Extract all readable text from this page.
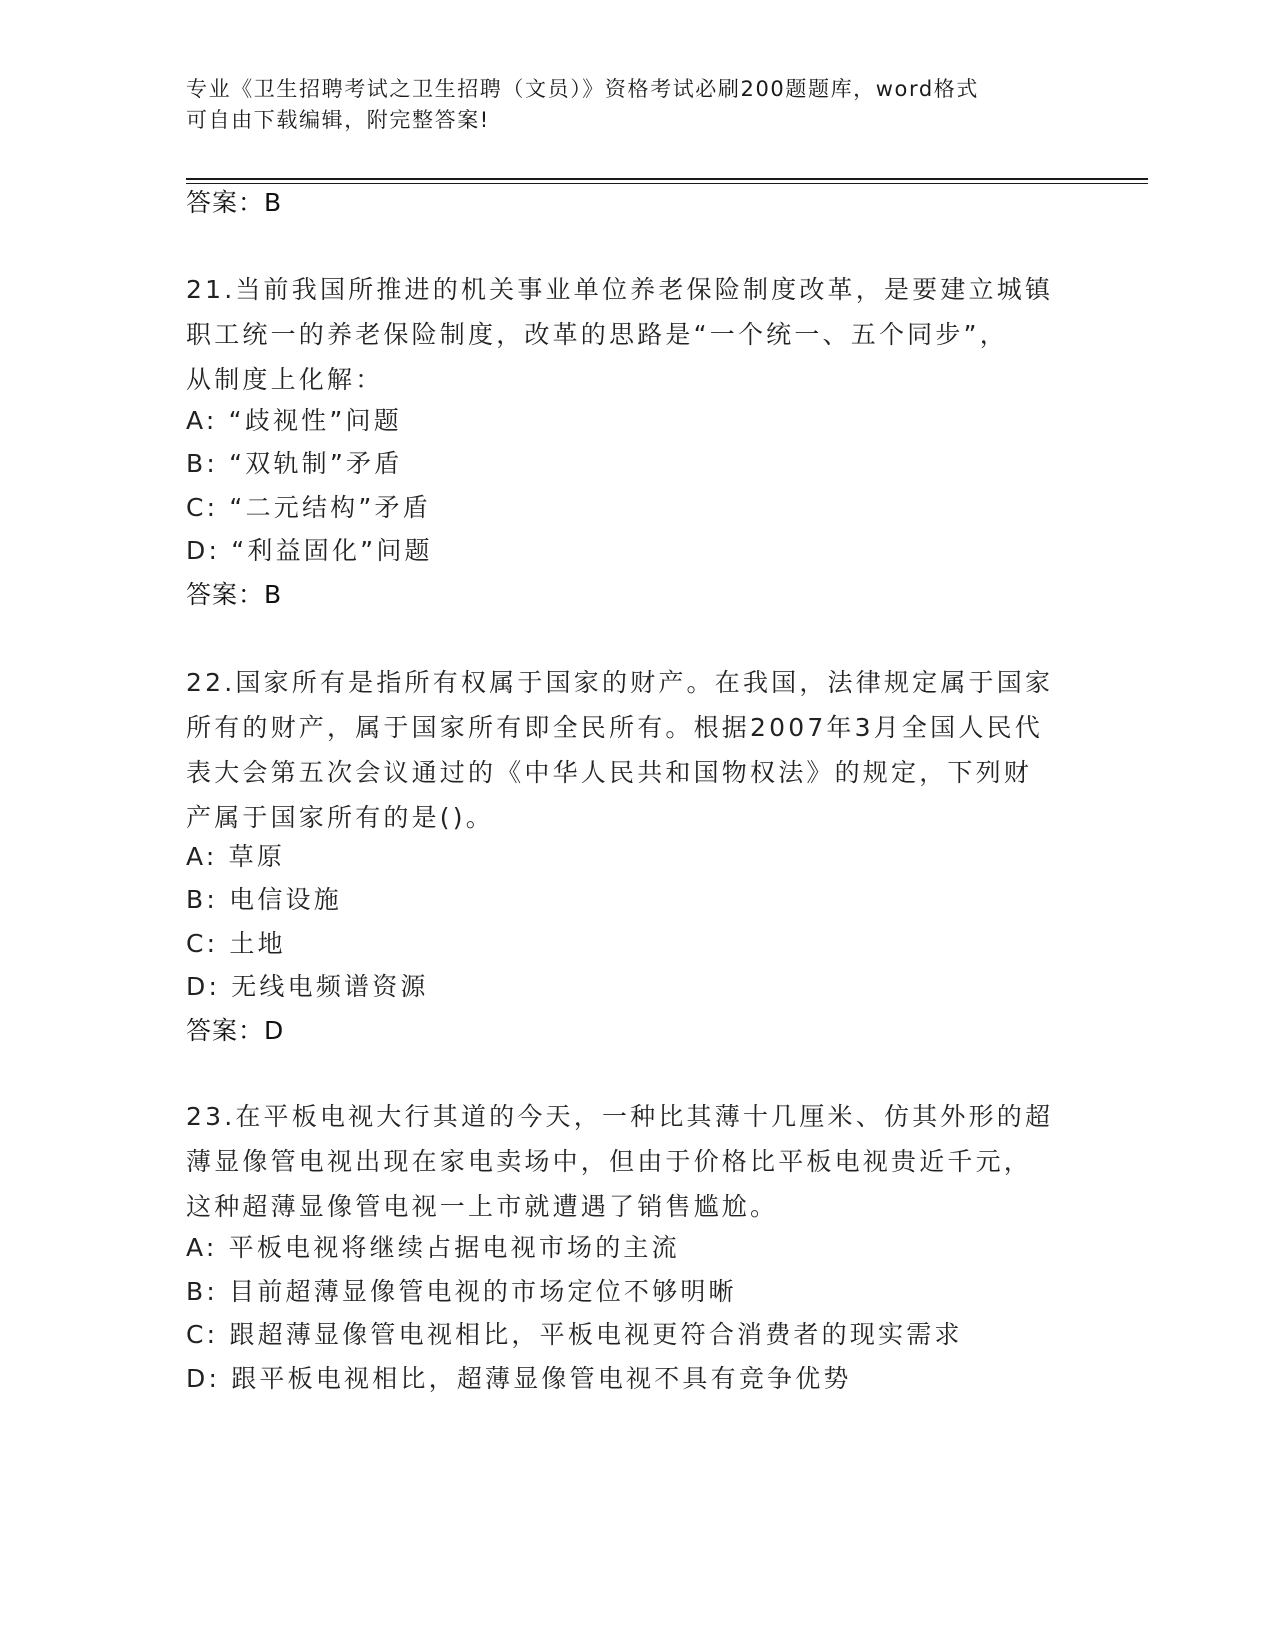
专业《卫生招聘考试之卫生招聘（文员）》资格考试必刷200题题库，word格式
可自由下载编辑，附完整答案!
答案：B
21.当前我国所推进的机关事业单位养老保险制度改革，是要建立城镇
职工统一的养老保险制度，改革的思路是“一个统一、五个同步”，
从制度上化解：
A: “歧视性”问题
B: “双轨制”矛盾
C: “二元结构”矛盾
D: “利益固化”问题
答案：B
22.国家所有是指所有权属于国家的财产。在我国，法律规定属于国家
所有的财产，属于国家所有即全民所有。根据2007年3月全国人民代
表大会第五次会议通过的《中华人民共和国物权法》的规定，下列财
产属于国家所有的是()。
A: 草原
B: 电信设施
C: 土地
D: 无线电频谱资源
答案：D
23.在平板电视大行其道的今天，一种比其薄十几厘米、仿其外形的超
薄显像管电视出现在家电卖场中，但由于价格比平板电视贵近千元，
这种超薄显像管电视一上市就遭遇了销售尴尬。
A: 平板电视将继续占据电视市场的主流
B: 目前超薄显像管电视的市场定位不够明晰
C: 跟超薄显像管电视相比，平板电视更符合消费者的现实需求
D: 跟平板电视相比，超薄显像管电视不具有竞争优势
